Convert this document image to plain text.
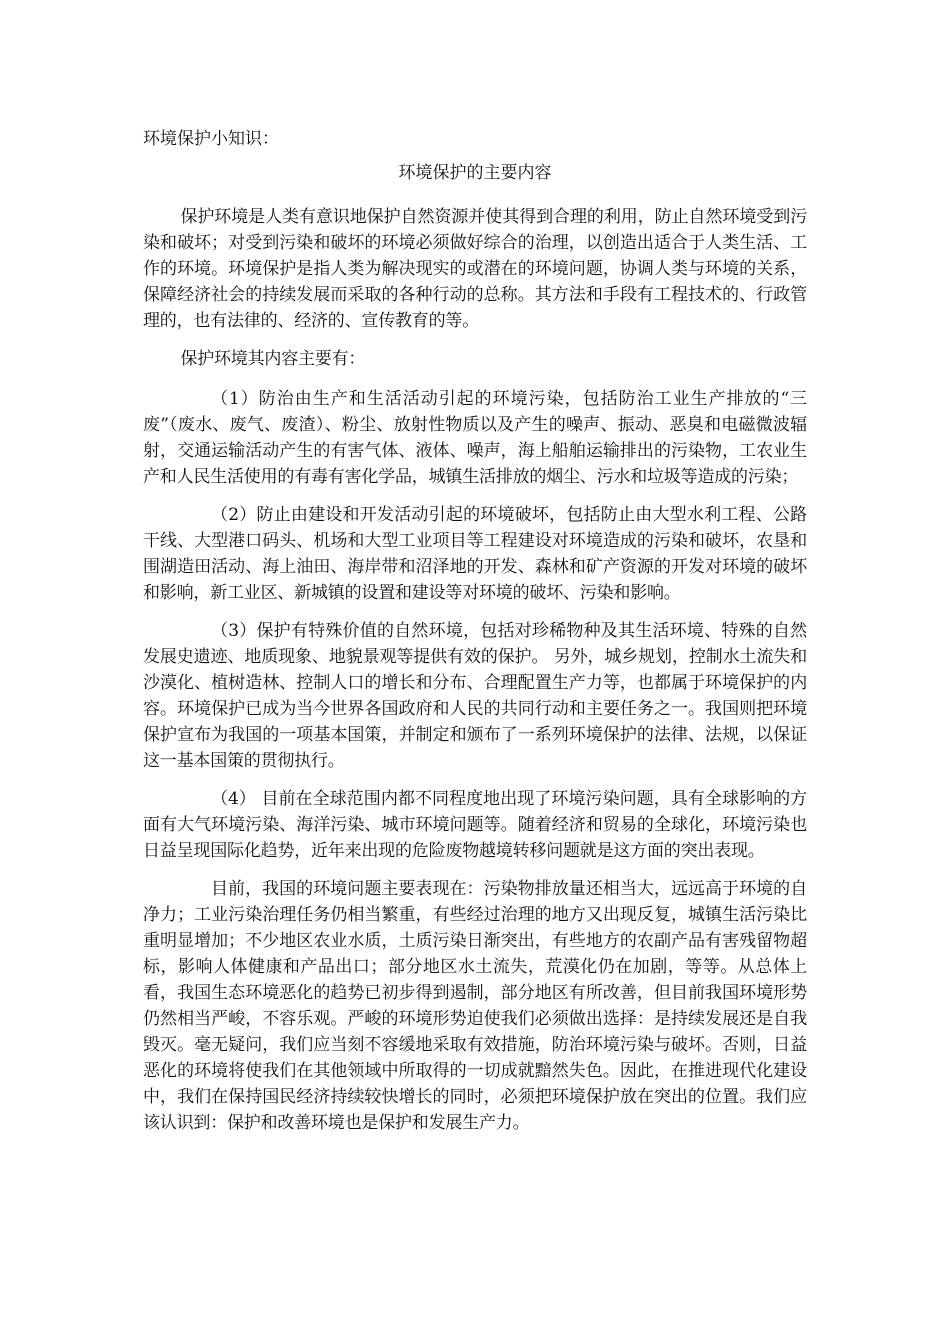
环境保护小知识：

环境保护的主要内容

保护环境是人类有意识地保护自然资源并使其得到合理的利用，防止自然环境受到污染和破坏；对受到污染和破坏的环境必须做好综合的治理，以创造出适合于人类生活、工作的环境。环境保护是指人类为解决现实的或潜在的环境问题，协调人类与环境的关系，保障经济社会的持续发展而采取的各种行动的总称。其方法和手段有工程技术的、行政管理的，也有法律的、经济的、宣传教育的等。

保护环境其内容主要有：

（1）防治由生产和生活活动引起的环境污染，包括防治工业生产排放的“三废”（废水、废气、废渣）、粉尘、放射性物质以及产生的噪声、振动、恶臭和电磁微波辐射，交通运输活动产生的有害气体、液体、噪声，海上船舶运输排出的污染物，工农业生产和人民生活使用的有毒有害化学品，城镇生活排放的烟尘、污水和垃圾等造成的污染；

（2）防止由建设和开发活动引起的环境破坏，包括防止由大型水利工程、公路干线、大型港口码头、机场和大型工业项目等工程建设对环境造成的污染和破坏，农垦和围湖造田活动、海上油田、海岸带和沼泽地的开发、森林和矿产资源的开发对环境的破坏和影响，新工业区、新城镇的设置和建设等对环境的破坏、污染和影响。

（3）保护有特殊价值的自然环境，包括对珍稀物种及其生活环境、特殊的自然发展史遗迹、地质现象、地貌景观等提供有效的保护。 另外，城乡规划，控制水土流失和沙漠化、植树造林、控制人口的增长和分布、合理配置生产力等，也都属于环境保护的内容。环境保护已成为当今世界各国政府和人民的共同行动和主要任务之一。我国则把环境保护宣布为我国的一项基本国策，并制定和颁布了一系列环境保护的法律、法规，以保证这一基本国策的贯彻执行。

（4） 目前在全球范围内都不同程度地出现了环境污染问题，具有全球影响的方面有大气环境污染、海洋污染、城市环境问题等。随着经济和贸易的全球化，环境污染也日益呈现国际化趋势，近年来出现的危险废物越境转移问题就是这方面的突出表现。

目前，我国的环境问题主要表现在：污染物排放量还相当大，远远高于环境的自净力；工业污染治理任务仍相当繁重，有些经过治理的地方又出现反复，城镇生活污染比重明显增加；不少地区农业水质，土质污染日渐突出，有些地方的农副产品有害残留物超标，影响人体健康和产品出口；部分地区水土流失，荒漠化仍在加剧，等等。从总体上看，我国生态环境恶化的趋势已初步得到遏制，部分地区有所改善，但目前我国环境形势仍然相当严峻，不容乐观。严峻的环境形势迫使我们必须做出选择：是持续发展还是自我毁灭。毫无疑问，我们应当刻不容缓地采取有效措施，防治环境污染与破坏。否则，日益恶化的环境将使我们在其他领域中所取得的一切成就黯然失色。因此，在推进现代化建设中，我们在保持国民经济持续较快增长的同时，必须把环境保护放在突出的位置。我们应该认识到：保护和改善环境也是保护和发展生产力。
